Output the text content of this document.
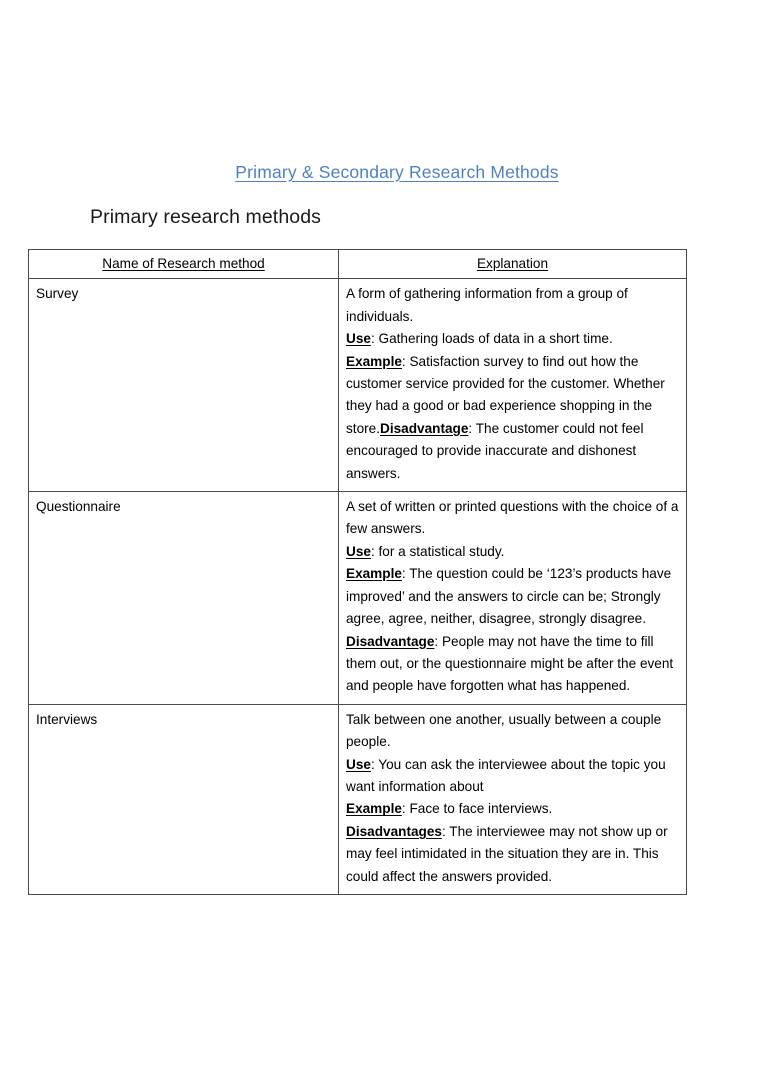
Primary & Secondary Research Methods
Primary research methods
Name of Research method	Explanation
Survey	A form of gathering information from a group of individuals.

Use: Gathering loads of data in a short time.

Example: Satisfaction survey to find out how the customer service provided for the customer. Whether they had a good or bad experience shopping in the store.Disadvantage: The customer could not feel encouraged to provide inaccurate and dishonest answers.

Questionnaire	A set of written or printed questions with the choice of a few answers.

Use: for a statistical study.

Example: The question could be ‘123’s products have improved’ and the answers to circle can be; Strongly agree, agree, neither, disagree, strongly disagree.

Disadvantage: People may not have the time to fill them out, or the questionnaire might be after the event and people have forgotten what has happened.

Interviews	Talk between one another, usually between a couple people.

Use: You can ask the interviewee about the topic you want information about

Example: Face to face interviews.

Disadvantages: The interviewee may not show up or may feel intimidated in the situation they are in. This could affect the answers provided.
